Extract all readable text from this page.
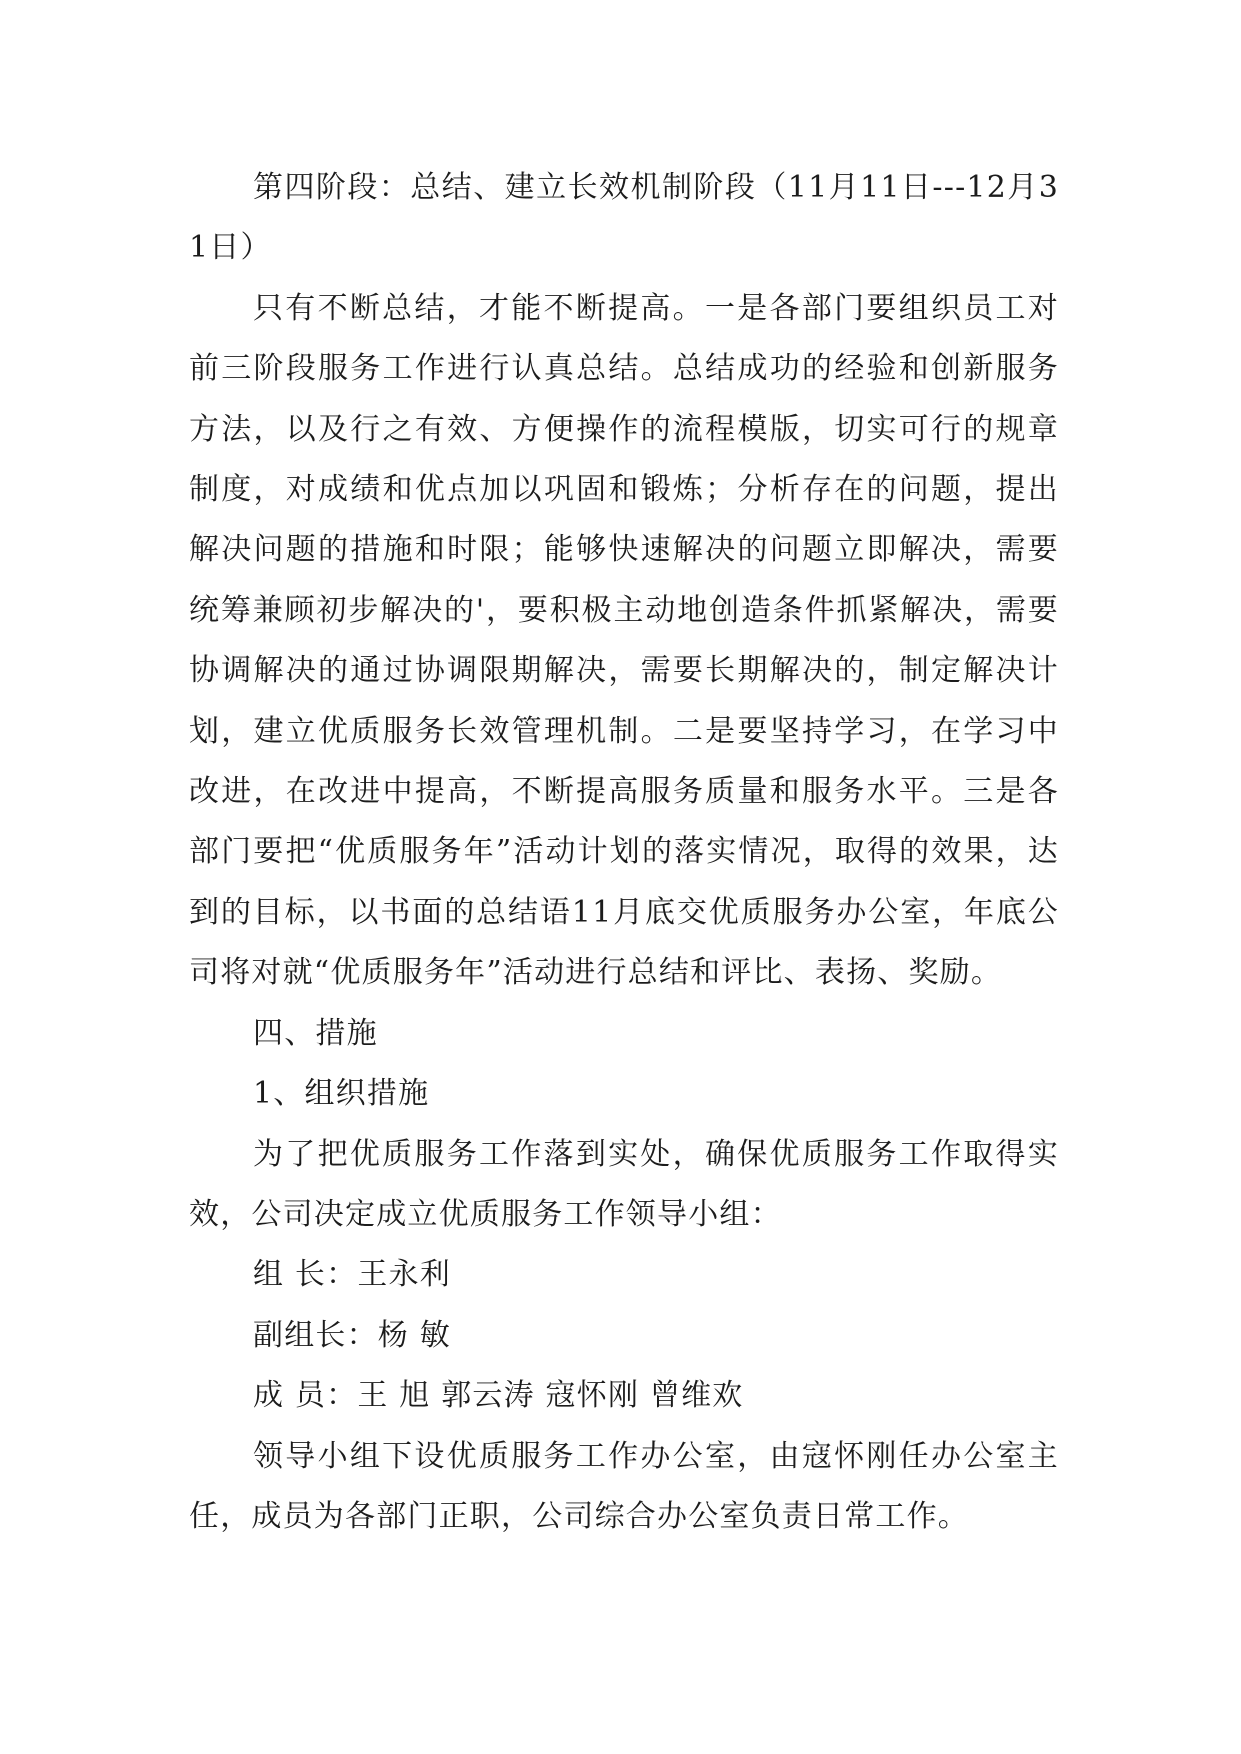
第四阶段：总结、建立长效机制阶段（11月11日---12月31日）

只有不断总结，才能不断提高。一是各部门要组织员工对前三阶段服务工作进行认真总结。总结成功的经验和创新服务方法，以及行之有效、方便操作的流程模版，切实可行的规章制度，对成绩和优点加以巩固和锻炼；分析存在的问题，提出解决问题的措施和时限；能够快速解决的问题立即解决，需要统筹兼顾初步解决的'，要积极主动地创造条件抓紧解决，需要协调解决的通过协调限期解决，需要长期解决的，制定解决计划，建立优质服务长效管理机制。二是要坚持学习，在学习中改进，在改进中提高，不断提高服务质量和服务水平。三是各部门要把“优质服务年”活动计划的落实情况，取得的效果，达到的目标，以书面的总结语11月底交优质服务办公室，年底公司将对就“优质服务年”活动进行总结和评比、表扬、奖励。

四、措施

1、组织措施

为了把优质服务工作落到实处，确保优质服务工作取得实效，公司决定成立优质服务工作领导小组：

组 长：王永利

副组长：杨 敏

成 员：王 旭 郭云涛 寇怀刚 曾维欢

领导小组下设优质服务工作办公室，由寇怀刚任办公室主任，成员为各部门正职，公司综合办公室负责日常工作。
